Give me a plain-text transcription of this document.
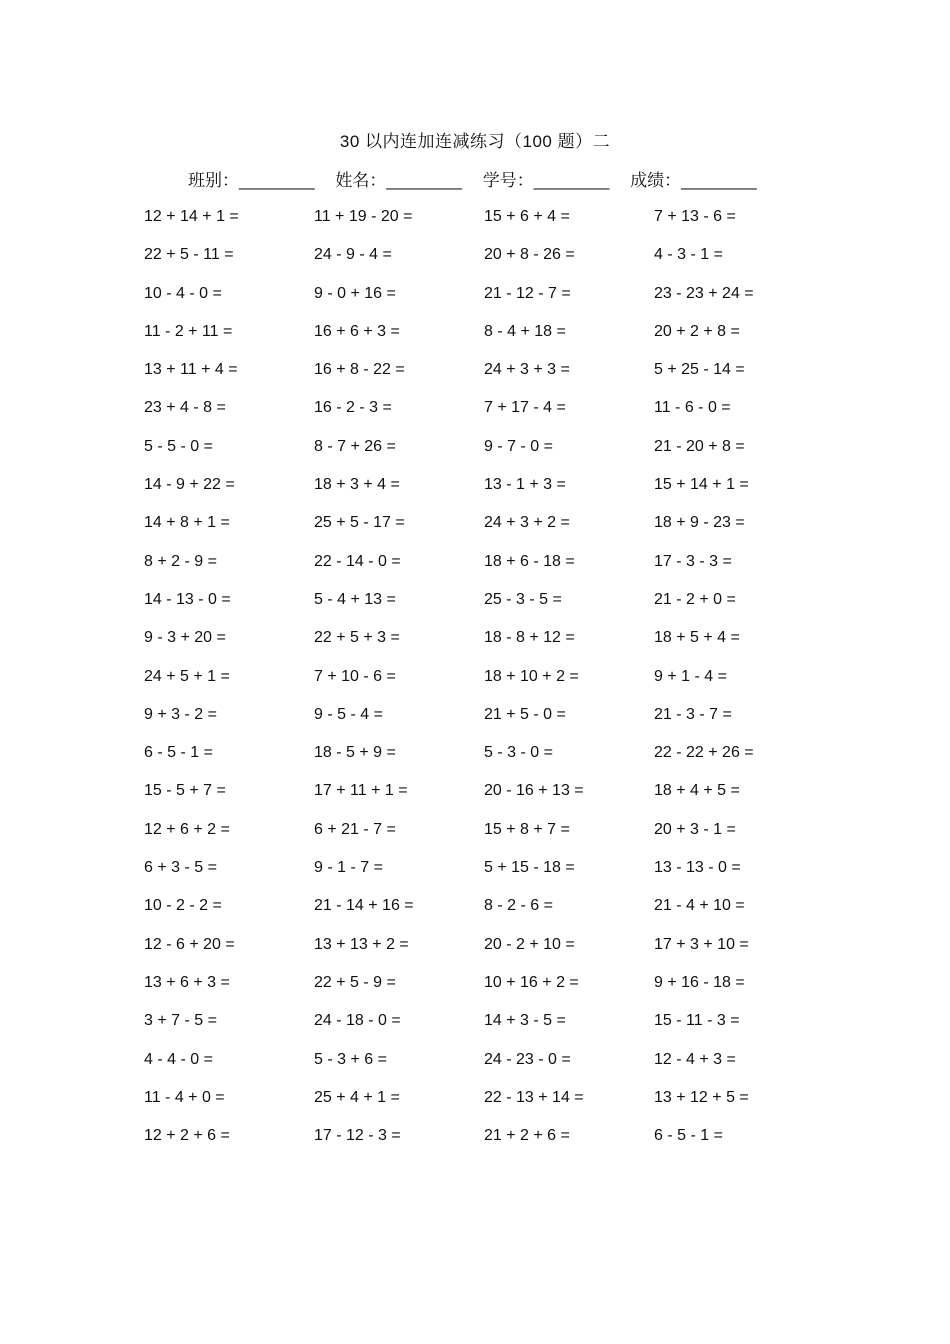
30 以内连加连减练习（100 题）二
班别：________ 姓名：________ 学号：________ 成绩：________
12 + 14 + 1 =	11 + 19 - 20 =	15 + 6 + 4 =	7 + 13 - 6 =
22 + 5 - 11 =	24 - 9 - 4 =	20 + 8 - 26 =	4 - 3 - 1 =
10 - 4 - 0 =	9 - 0 + 16 =	21 - 12 - 7 =	23 - 23 + 24 =
11 - 2 + 11 =	16 + 6 + 3 =	8 - 4 + 18 =	20 + 2 + 8 =
13 + 11 + 4 =	16 + 8 - 22 =	24 + 3 + 3 =	5 + 25 - 14 =
23 + 4 - 8 =	16 - 2 - 3 =	7 + 17 - 4 =	11 - 6 - 0 =
5 - 5 - 0 =	8 - 7 + 26 =	9 - 7 - 0 =	21 - 20 + 8 =
14 - 9 + 22 =	18 + 3 + 4 =	13 - 1 + 3 =	15 + 14 + 1 =
14 + 8 + 1 =	25 + 5 - 17 =	24 + 3 + 2 =	18 + 9 - 23 =
8 + 2 - 9 =	22 - 14 - 0 =	18 + 6 - 18 =	17 - 3 - 3 =
14 - 13 - 0 =	5 - 4 + 13 =	25 - 3 - 5 =	21 - 2 + 0 =
9 - 3 + 20 =	22 + 5 + 3 =	18 - 8 + 12 =	18 + 5 + 4 =
24 + 5 + 1 =	7 + 10 - 6 =	18 + 10 + 2 =	9 + 1 - 4 =
9 + 3 - 2 =	9 - 5 - 4 =	21 + 5 - 0 =	21 - 3 - 7 =
6 - 5 - 1 =	18 - 5 + 9 =	5 - 3 - 0 =	22 - 22 + 26 =
15 - 5 + 7 =	17 + 11 + 1 =	20 - 16 + 13 =	18 + 4 + 5 =
12 + 6 + 2 =	6 + 21 - 7 =	15 + 8 + 7 =	20 + 3 - 1 =
6 + 3 - 5 =	9 - 1 - 7 =	5 + 15 - 18 =	13 - 13 - 0 =
10 - 2 - 2 =	21 - 14 + 16 =	8 - 2 - 6 =	21 - 4 + 10 =
12 - 6 + 20 =	13 + 13 + 2 =	20 - 2 + 10 =	17 + 3 + 10 =
13 + 6 + 3 =	22 + 5 - 9 =	10 + 16 + 2 =	9 + 16 - 18 =
3 + 7 - 5 =	24 - 18 - 0 =	14 + 3 - 5 =	15 - 11 - 3 =
4 - 4 - 0 =	5 - 3 + 6 =	24 - 23 - 0 =	12 - 4 + 3 =
11 - 4 + 0 =	25 + 4 + 1 =	22 - 13 + 14 =	13 + 12 + 5 =
12 + 2 + 6 =	17 - 12 - 3 =	21 + 2 + 6 =	6 - 5 - 1 =
